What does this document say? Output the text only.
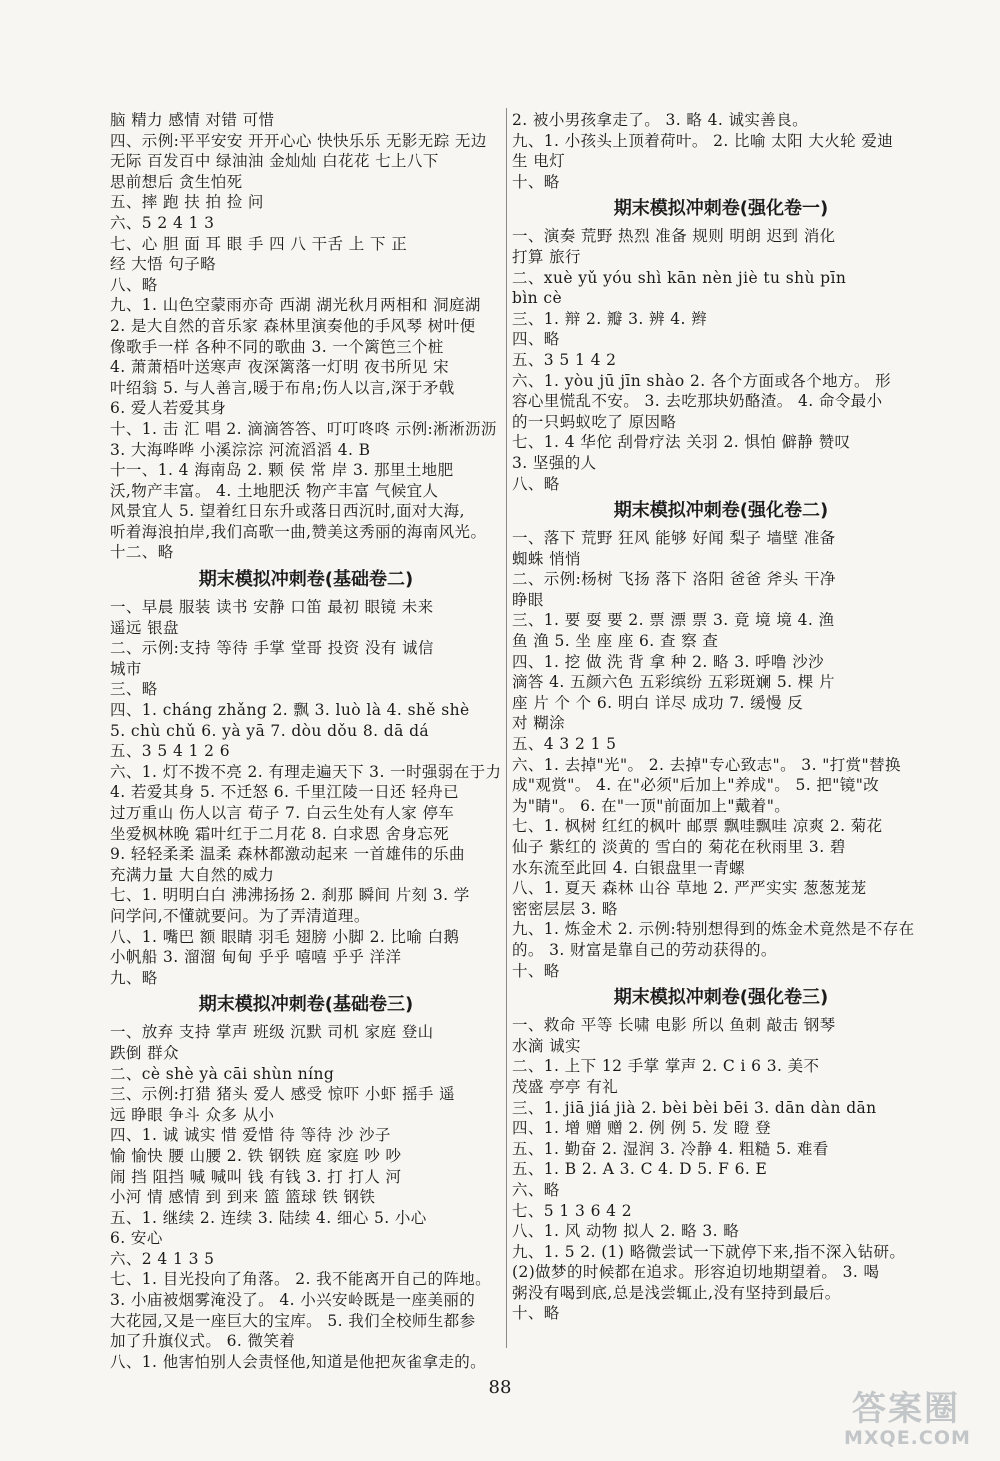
脑 精力 感情 对错 可惜
四、示例:平平安安 开开心心 快快乐乐 无影无踪 无边
无际 百发百中 绿油油 金灿灿 白花花 七上八下
思前想后 贪生怕死
五、摔 跑 扶 拍 捡 问
六、5 2 4 1 3
七、心 胆 面 耳 眼 手 四 八 干舌 上 下 正
经 大悟 句子略
八、略
九、1. 山色空蒙雨亦奇 西湖 湖光秋月两相和 洞庭湖
2. 是大自然的音乐家 森林里演奏他的手风琴 树叶便
像歌手一样 各种不同的歌曲 3. 一个篱笆三个桩
4. 萧萧梧叶送寒声 夜深篱落一灯明 夜书所见 宋
叶绍翁 5. 与人善言,暖于布帛;伤人以言,深于矛戟
6. 爱人若爱其身
十、1. 击 汇 唱 2. 滴滴答答、叮叮咚咚 示例:淅淅沥沥
3. 大海哗哗 小溪淙淙 河流滔滔 4. B
十一、1. 4 海南岛 2. 颗 侯 常 岸 3. 那里土地肥
沃,物产丰富。 4. 土地肥沃 物产丰富 气候宜人
风景宜人 5. 望着红日东升或落日西沉时,面对大海,
听着海浪拍岸,我们高歌一曲,赞美这秀丽的海南风光。
十二、略
期末模拟冲刺卷(基础卷二)
一、早晨 服装 读书 安静 口笛 最初 眼镜 未来
遥远 银盘
二、示例:支持 等待 手掌 堂哥 投资 没有 诚信
城市
三、略
四、1. cháng zhǎng 2. 飘 3. luò là 4. shě shè
5. chù chǔ 6. yà yā 7. dòu dǒu 8. dā dá
五、3 5 4 1 2 6
六、1. 灯不拨不亮 2. 有理走遍天下 3. 一时强弱在于力
4. 若爱其身 5. 不迁怒 6. 千里江陵一日还 轻舟已
过万重山 伤人以言 荀子 7. 白云生处有人家 停车
坐爱枫林晚 霜叶红于二月花 8. 白求恩 舍身忘死
9. 轻轻柔柔 温柔 森林都激动起来 一首雄伟的乐曲
充满力量 大自然的威力
七、1. 明明白白 沸沸扬扬 2. 刹那 瞬间 片刻 3. 学
问学问,不懂就要问。为了弄清道理。
八、1. 嘴巴 额 眼睛 羽毛 翅膀 小脚 2. 比喻 白鹅
小帆船 3. 溜溜 甸甸 乎乎 嘻嘻 乎乎 洋洋
九、略
期末模拟冲刺卷(基础卷三)
一、放弃 支持 掌声 班级 沉默 司机 家庭 登山
跌倒 群众
二、cè shè yà cāi shùn níng
三、示例:打猎 猪头 爱人 感受 惊吓 小虾 摇手 遥
远 睁眼 争斗 众多 从小
四、1. 诚 诚实 惜 爱惜 待 等待 沙 沙子
愉 愉快 腰 山腰 2. 铁 钢铁 庭 家庭 吵 吵
闹 挡 阻挡 喊 喊叫 钱 有钱 3. 打 打人 河
小河 情 感情 到 到来 篮 篮球 铁 钢铁
五、1. 继续 2. 连续 3. 陆续 4. 细心 5. 小心
6. 安心
六、2 4 1 3 5
七、1. 目光投向了角落。 2. 我不能离开自己的阵地。
3. 小庙被烟雾淹没了。 4. 小兴安岭既是一座美丽的
大花园,又是一座巨大的宝库。 5. 我们全校师生都参
加了升旗仪式。 6. 微笑着
八、1. 他害怕别人会责怪他,知道是他把灰雀拿走的。
2. 被小男孩拿走了。 3. 略 4. 诚实善良。
九、1. 小孩头上顶着荷叶。 2. 比喻 太阳 大火轮 爱迪
生 电灯
十、略
期末模拟冲刺卷(强化卷一)
一、演奏 荒野 热烈 准备 规则 明朗 迟到 消化
打算 旅行
二、xuè yǔ yóu shì kān nèn jiè tu shù pīn
bìn cè
三、1. 辩 2. 瓣 3. 辨 4. 辫
四、略
五、3 5 1 4 2
六、1. yòu jū jīn shào 2. 各个方面或各个地方。 形
容心里慌乱不安。 3. 去吃那块奶酪渣。 4. 命令最小
的一只蚂蚁吃了 原因略
七、1. 4 华佗 刮骨疗法 关羽 2. 惧怕 僻静 赞叹
3. 坚强的人
八、略
期末模拟冲刺卷(强化卷二)
一、落下 荒野 狂风 能够 好闻 梨子 墙壁 准备
蜘蛛 悄悄
二、示例:杨树 飞扬 落下 洛阳 爸爸 斧头 干净
睁眼
三、1. 要 耍 要 2. 票 漂 票 3. 竟 境 境 4. 渔
鱼 渔 5. 坐 座 座 6. 查 察 查
四、1. 挖 做 洗 背 拿 种 2. 略 3. 呼噜 沙沙
滴答 4. 五颜六色 五彩缤纷 五彩斑斓 5. 棵 片
座 片 个 个 6. 明白 详尽 成功 7. 缓慢 反
对 糊涂
五、4 3 2 1 5
六、1. 去掉"光"。 2. 去掉"专心致志"。 3. "打赏"替换
成"观赏"。 4. 在"必须"后加上"养成"。 5. 把"镜"改
为"睛"。 6. 在"一顶"前面加上"戴着"。
七、1. 枫树 红红的枫叶 邮票 飘哇飘哇 凉爽 2. 菊花
仙子 紫红的 淡黄的 雪白的 菊花在秋雨里 3. 碧
水东流至此回 4. 白银盘里一青螺
八、1. 夏天 森林 山谷 草地 2. 严严实实 葱葱茏茏
密密层层 3. 略
九、1. 炼金术 2. 示例:特别想得到的炼金术竟然是不存在
的。 3. 财富是靠自己的劳动获得的。
十、略
期末模拟冲刺卷(强化卷三)
一、救命 平等 长啸 电影 所以 鱼刺 敲击 钢琴
水滴 诚实
二、1. 上下 12 手掌 掌声 2. C i 6 3. 美不
茂盛 亭亭 有礼
三、1. jiā jiá jià 2. bèi bèi bēi 3. dān dàn dān
四、1. 增 赠 赠 2. 例 例 5. 发 瞪 登
五、1. 勤奋 2. 湿润 3. 冷静 4. 粗糙 5. 难看
五、1. B 2. A 3. C 4. D 5. F 6. E
六、略
七、5 1 3 6 4 2
八、1. 风 动物 拟人 2. 略 3. 略
九、1. 5 2. (1) 略微尝试一下就停下来,指不深入钻研。
(2)做梦的时候都在追求。形容迫切地期望着。 3. 喝
粥没有喝到底,总是浅尝辄止,没有坚持到最后。
十、略
88
答案圈
MXQE.COM
